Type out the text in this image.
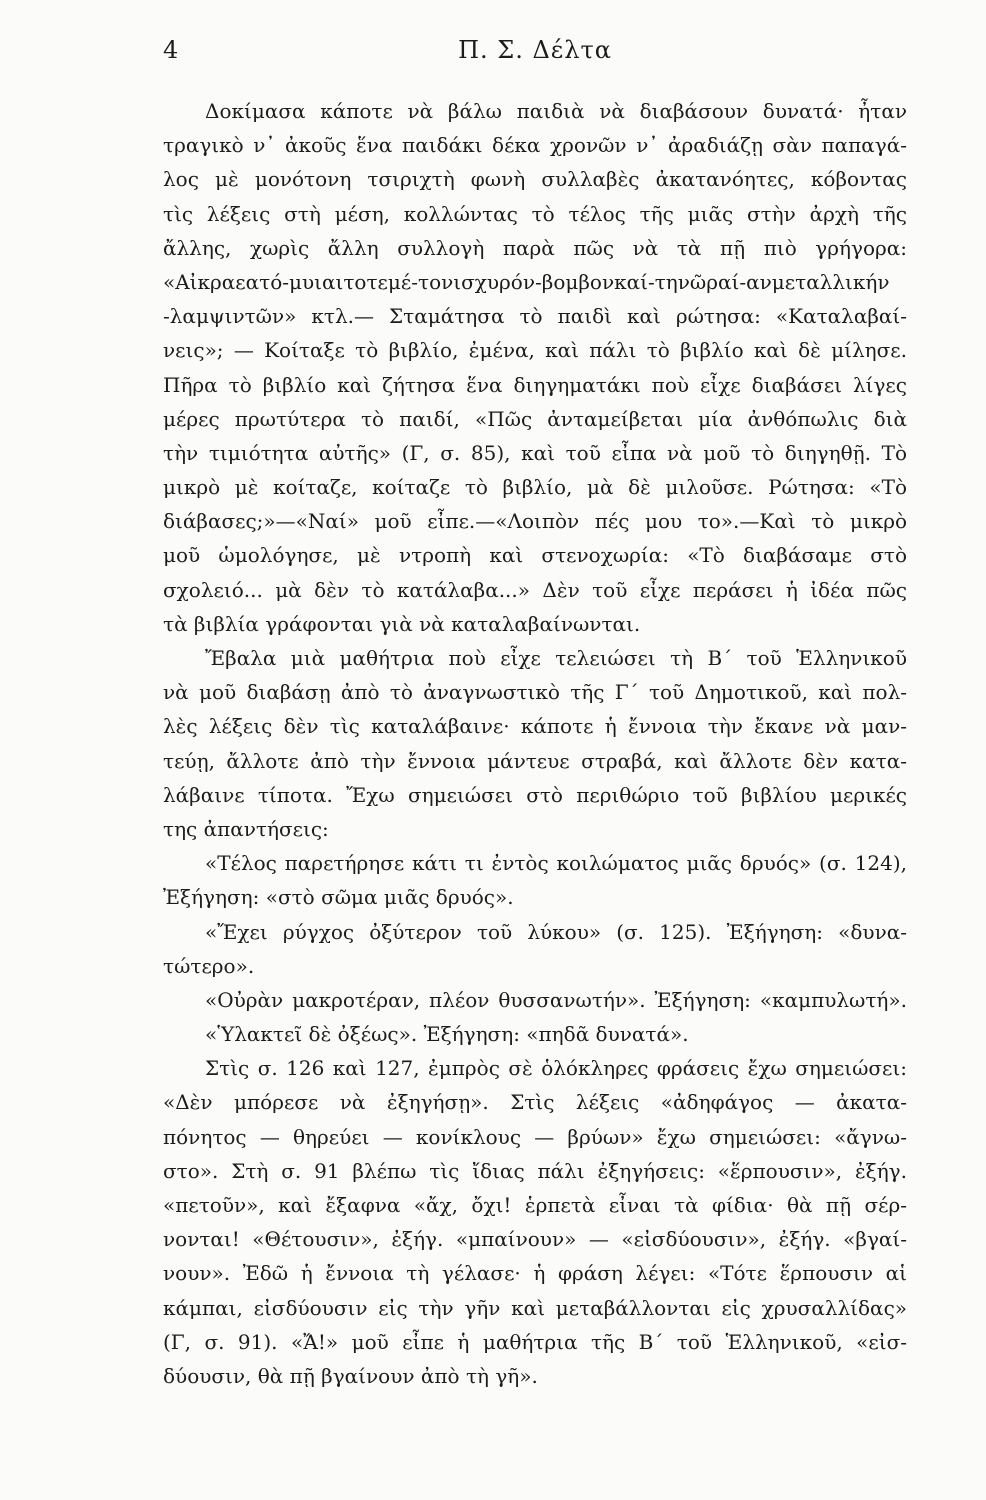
4	Π. Σ. Δέλτα
Δοκίμασα κάποτε νὰ βάλω παιδιὰ νὰ διαβάσουν δυνατά· ἦταν
τραγικὸ ν᾽ ἀκοῦς ἕνα παιδάκι δέκα χρονῶν ν᾽ ἀραδιάζῃ σὰν παπαγά-
λος μὲ μονότονη τσιριχτὴ φωνὴ συλλαβὲς ἀκατανόητες, κόβοντας
τὶς λέξεις στὴ μέση, κολλώντας τὸ τέλος τῆς μιᾶς στὴν ἀρχὴ τῆς
ἄλλης, χωρὶς ἄλλη συλλογὴ παρὰ πῶς νὰ τὰ πῇ πιὸ γρήγορα:
«Αἰκραεατό-μυιαιτοτεμέ-τονισχυρόν-βομβονκαί-τηνῶραί-ανμεταλλικήν
-λαμψιντῶν» κτλ.— Σταμάτησα τὸ παιδὶ καὶ ρώτησα: «Καταλαβαί-
νεις»; — Κοίταξε τὸ βιβλίο, ἐμένα, καὶ πάλι τὸ βιβλίο καὶ δὲ μίλησε.
Πῆρα τὸ βιβλίο καὶ ζήτησα ἕνα διηγηματάκι ποὺ εἶχε διαβάσει λίγες
μέρες πρωτύτερα τὸ παιδί, «Πῶς ἀνταμείβεται μία ἀνθόπωλις διὰ
τὴν τιμιότητα αὐτῆς» (Γ, σ. 85), καὶ τοῦ εἶπα νὰ μοῦ τὸ διηγηθῇ. Τὸ
μικρὸ μὲ κοίταζε, κοίταζε τὸ βιβλίο, μὰ δὲ μιλοῦσε. Ρώτησα: «Τὸ
διάβασες;»—«Ναί» μοῦ εἶπε.—«Λοιπὸν πές μου το».—Καὶ τὸ μικρὸ
μοῦ ὡμολόγησε, μὲ ντροπὴ καὶ στενοχωρία: «Τὸ διαβάσαμε στὸ
σχολειό... μὰ δὲν τὸ κατάλαβα...» Δὲν τοῦ εἶχε περάσει ἡ ἰδέα πῶς
τὰ βιβλία γράφονται γιὰ νὰ καταλαβαίνωνται.
Ἔβαλα μιὰ μαθήτρια ποὺ εἶχε τελειώσει τὴ Β΄ τοῦ Ἑλληνικοῦ
νὰ μοῦ διαβάσῃ ἀπὸ τὸ ἀναγνωστικὸ τῆς Γ΄ τοῦ Δημοτικοῦ, καὶ πολ-
λὲς λέξεις δὲν τὶς καταλάβαινε· κάποτε ἡ ἔννοια τὴν ἔκανε νὰ μαν-
τεύῃ, ἄλλοτε ἀπὸ τὴν ἔννοια μάντευε στραβά, καὶ ἄλλοτε δὲν κατα-
λάβαινε τίποτα. Ἔχω σημειώσει στὸ περιθώριο τοῦ βιβλίου μερικές
της ἀπαντήσεις:
«Τέλος παρετήρησε κάτι τι ἐντὸς κοιλώματος μιᾶς δρυός» (σ. 124),
Ἐξήγηση: «στὸ σῶμα μιᾶς δρυός».
«Ἔχει ρύγχος ὀξύτερον τοῦ λύκου» (σ. 125). Ἐξήγηση: «δυνα-
τώτερο».
«Οὐρὰν μακροτέραν, πλέον θυσσανωτήν». Ἐξήγηση: «καμπυλωτή».
«Ὑλακτεῖ δὲ ὀξέως». Ἐξήγηση: «πηδᾶ δυνατά».
Στὶς σ. 126 καὶ 127, ἐμπρὸς σὲ ὁλόκληρες φράσεις ἔχω σημειώσει:
«Δὲν μπόρεσε νὰ ἐξηγήσῃ». Στὶς λέξεις «ἀδηφάγος — ἀκατα-
πόνητος — θηρεύει — κονίκλους — βρύων» ἔχω σημειώσει: «ἄγνω-
στο». Στὴ σ. 91 βλέπω τὶς ἴδιας πάλι ἐξηγήσεις: «ἕρπουσιν», ἐξήγ.
«πετοῦν», καὶ ἔξαφνα «ἄχ, ὄχι! ἑρπετὰ εἶναι τὰ φίδια· θὰ πῇ σέρ-
νονται! «Θέτουσιν», ἐξήγ. «μπαίνουν» — «εἰσδύουσιν», ἐξήγ. «βγαί-
νουν». Ἐδῶ ἡ ἔννοια τὴ γέλασε· ἡ φράση λέγει: «Τότε ἕρπουσιν αἱ
κάμπαι, εἰσδύουσιν εἰς τὴν γῆν καὶ μεταβάλλονται εἰς χρυσαλλίδας»
(Γ, σ. 91). «Ἄ!» μοῦ εἶπε ἡ μαθήτρια τῆς Β΄ τοῦ Ἑλληνικοῦ, «εἰσ-
δύουσιν, θὰ πῇ βγαίνουν ἀπὸ τὴ γῆ».
